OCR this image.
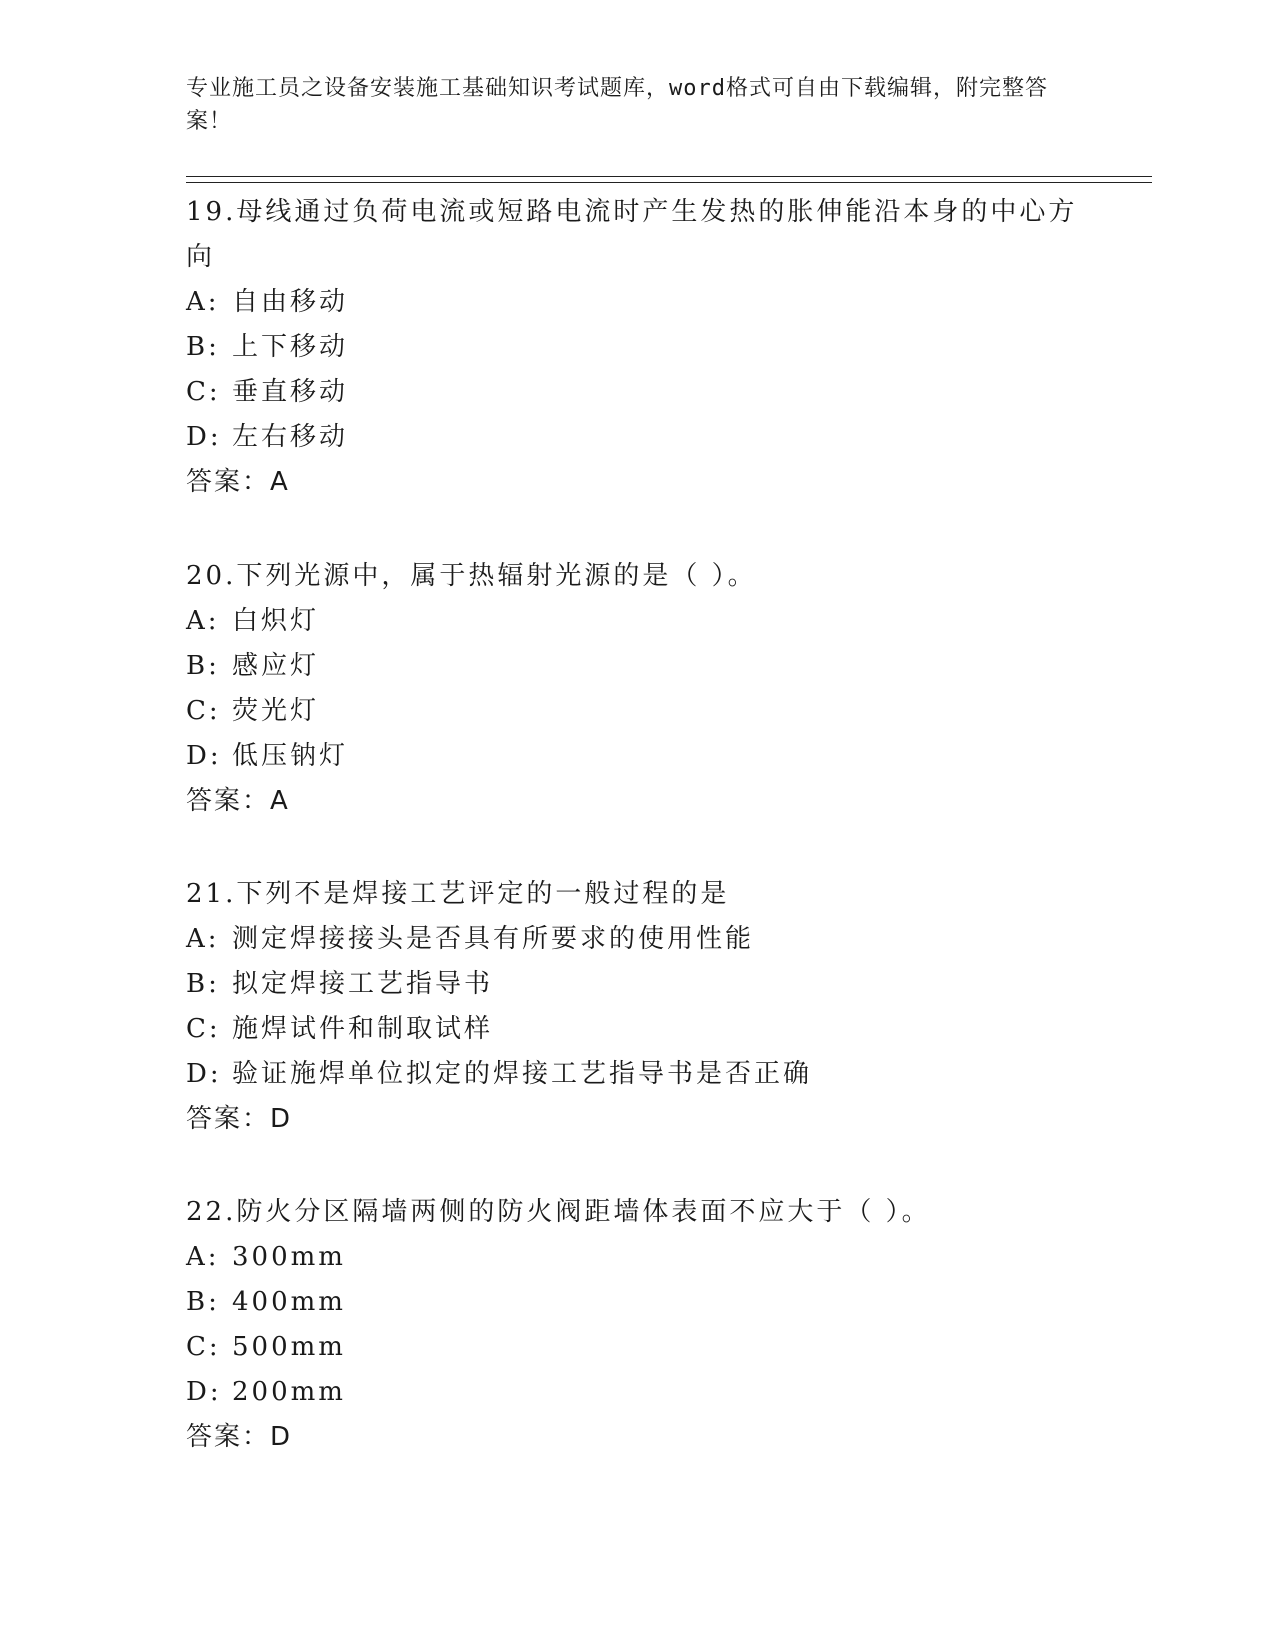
专业施工员之设备安装施工基础知识考试题库，word格式可自由下载编辑，附完整答案！
19.母线通过负荷电流或短路电流时产生发热的胀伸能沿本身的中心方向
A: 自由移动
B: 上下移动
C: 垂直移动
D: 左右移动
答案：A
20.下列光源中，属于热辐射光源的是（ ）。
A: 白炽灯
B: 感应灯
C: 荧光灯
D: 低压钠灯
答案：A
21.下列不是焊接工艺评定的一般过程的是
A: 测定焊接接头是否具有所要求的使用性能
B: 拟定焊接工艺指导书
C: 施焊试件和制取试样
D: 验证施焊单位拟定的焊接工艺指导书是否正确
答案：D
22.防火分区隔墙两侧的防火阀距墙体表面不应大于（ ）。
A: 300mm
B: 400mm
C: 500mm
D: 200mm
答案：D
